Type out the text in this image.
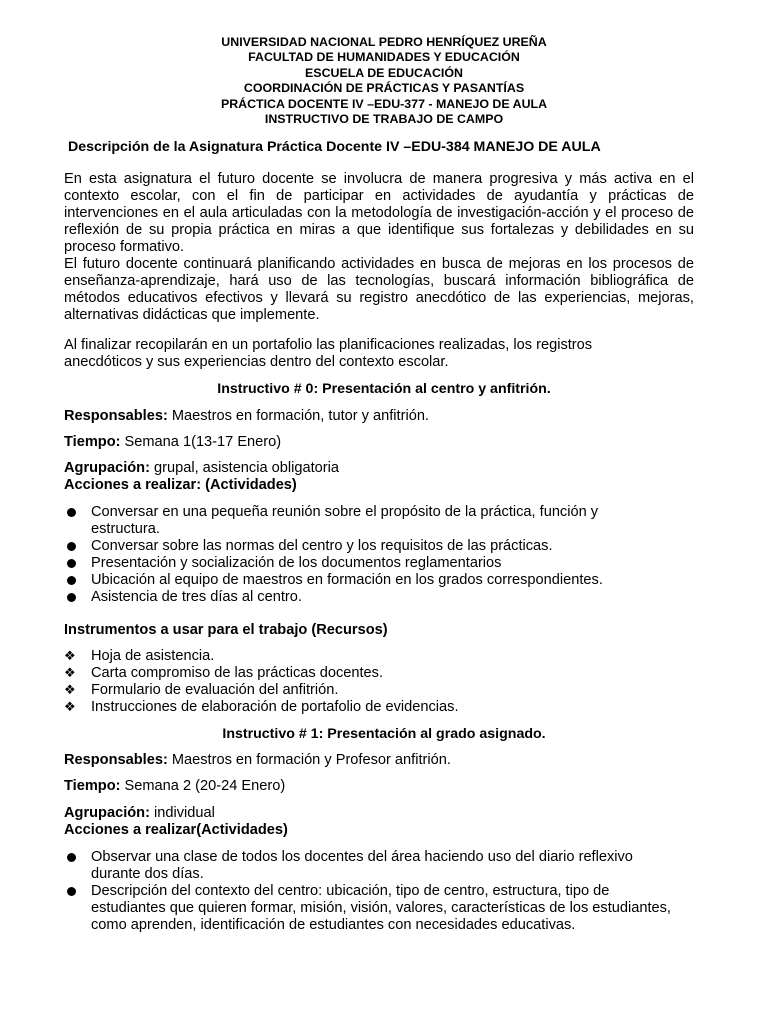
UNIVERSIDAD NACIONAL PEDRO HENRÍQUEZ UREÑA
FACULTAD DE HUMANIDADES Y EDUCACIÓN
ESCUELA DE EDUCACIÓN
COORDINACIÓN DE PRÁCTICAS Y PASANTÍAS
PRÁCTICA DOCENTE IV –EDU-377 - MANEJO DE AULA
INSTRUCTIVO DE TRABAJO DE CAMPO
Descripción de la Asignatura Práctica Docente IV –EDU-384 MANEJO DE AULA
En esta asignatura el futuro docente se involucra de manera progresiva y más activa en el contexto escolar, con el fin de participar en actividades de ayudantía y prácticas de intervenciones en el aula articuladas con la metodología de investigación-acción y el proceso de reflexión de su propia práctica en miras a que identifique sus fortalezas y debilidades en su proceso formativo.
El futuro docente continuará planificando actividades en busca de mejoras en los procesos de enseñanza-aprendizaje, hará uso de las tecnologías, buscará información bibliográfica de métodos educativos efectivos y llevará su registro anecdótico de las experiencias, mejoras, alternativas didácticas que implemente.
Al finalizar recopilarán en un portafolio las planificaciones realizadas, los registros anecdóticos y sus experiencias dentro del contexto escolar.
Instructivo # 0: Presentación al centro y anfitrión.
Responsables: Maestros en formación, tutor y anfitrión.
Tiempo: Semana 1(13-17 Enero)
Agrupación: grupal, asistencia obligatoria
Acciones a realizar: (Actividades)
Conversar en una pequeña reunión sobre el propósito de la práctica, función y estructura.
Conversar sobre las normas del centro y los requisitos de las prácticas.
Presentación y socialización de los documentos reglamentarios
Ubicación al equipo de maestros en formación en los grados correspondientes.
Asistencia de tres días al centro.
Instrumentos a usar para el trabajo (Recursos)
❖ Hoja de asistencia.
❖ Carta compromiso de las prácticas docentes.
❖ Formulario de evaluación del anfitrión.
❖ Instrucciones de elaboración de portafolio de evidencias.
Instructivo # 1: Presentación al grado asignado.
Responsables: Maestros en formación y Profesor anfitrión.
Tiempo: Semana 2 (20-24 Enero)
Agrupación: individual
Acciones a realizar(Actividades)
Observar una clase de todos los docentes del área haciendo uso del diario reflexivo durante dos días.
Descripción del contexto del centro: ubicación, tipo de centro, estructura, tipo de estudiantes que quieren formar, misión, visión, valores, características de los estudiantes, como aprenden, identificación de estudiantes con necesidades educativas.
